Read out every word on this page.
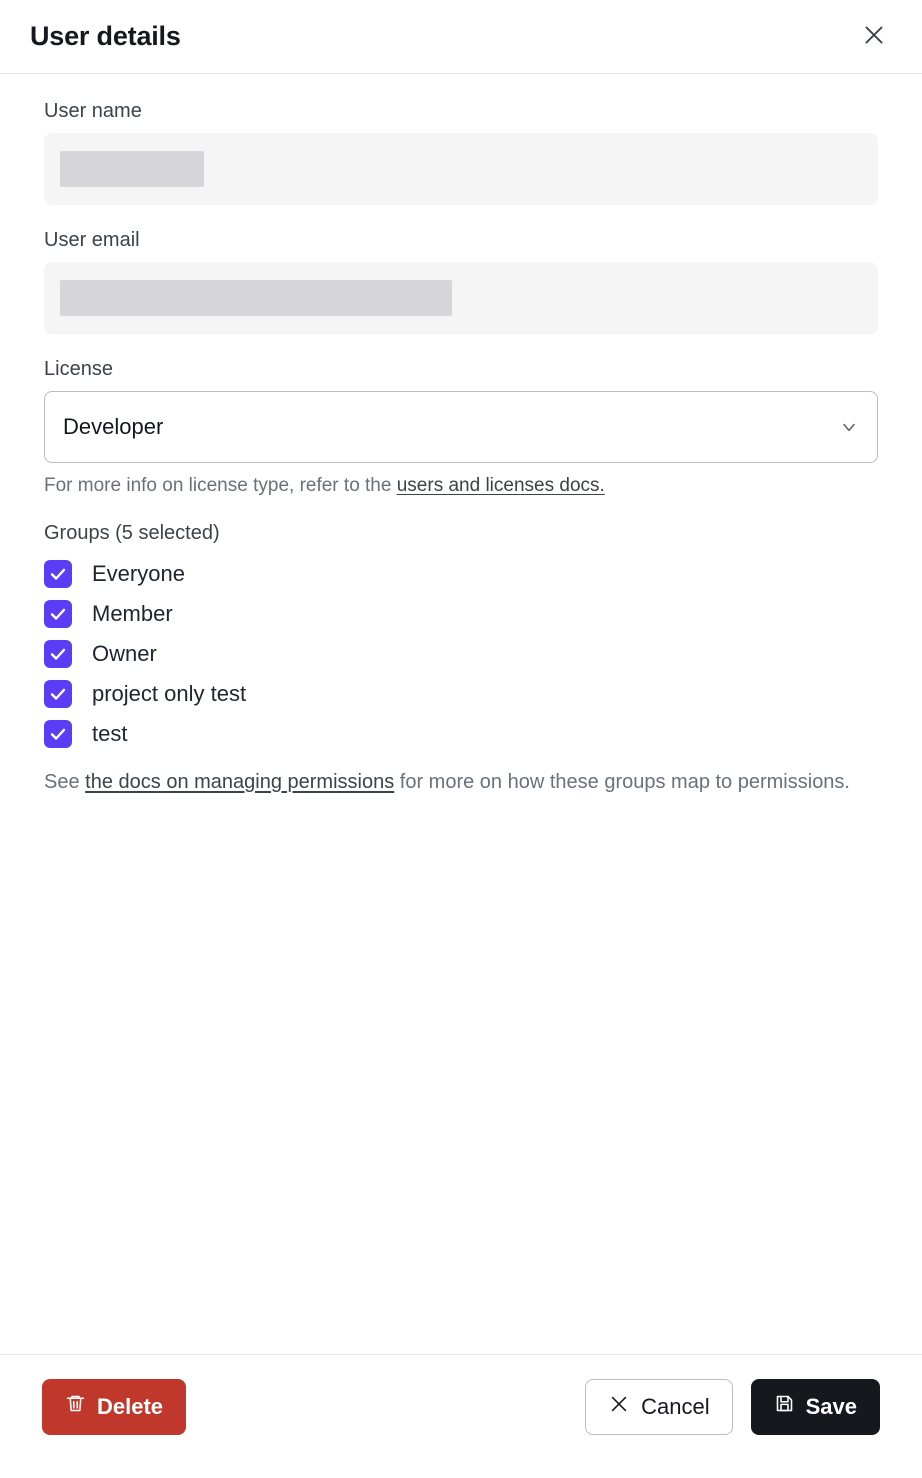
User details
User name
User email
License
Developer
For more info on license type, refer to the users and licenses docs.
Groups (5 selected)
Everyone
Member
Owner
project only test
test
See the docs on managing permissions for more on how these groups map to permissions.
Delete	Cancel	Save
